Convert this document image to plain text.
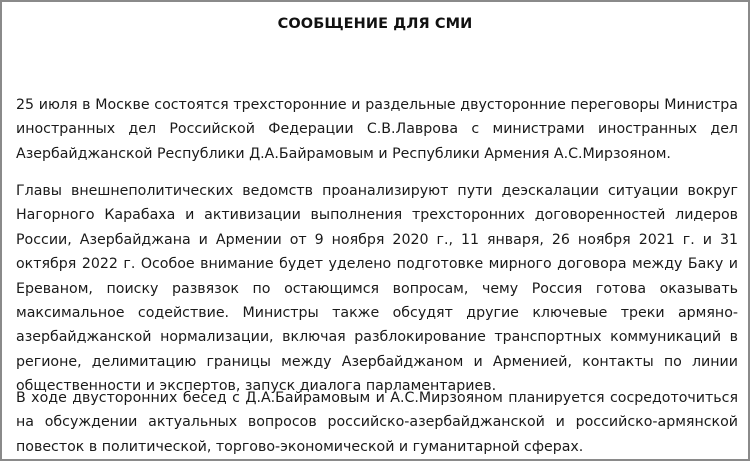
СООБЩЕНИЕ ДЛЯ СМИ

25 июля в Москве состоятся трехсторонние и раздельные двусторонние переговоры Министра иностранных дел Российской Федерации С.В.Лаврова с министрами иностранных дел Азербайджанской Республики Д.А.Байрамовым и Республики Армения А.С.Мирзояном.

Главы внешнеполитических ведомств проанализируют пути деэскалации ситуации вокруг Нагорного Карабаха и активизации выполнения трехсторонних договоренностей лидеров России, Азербайджана и Армении от 9 ноября 2020 г., 11 января, 26 ноября 2021 г. и 31 октября 2022 г. Особое внимание будет уделено подготовке мирного договора между Баку и Ереваном, поиску развязок по остающимся вопросам, чему Россия готова оказывать максимальное содействие. Министры также обсудят другие ключевые треки армяно-азербайджанской нормализации, включая разблокирование транспортных коммуникаций в регионе, делимитацию границы между Азербайджаном и Арменией, контакты по линии общественности и экспертов, запуск диалога парламентариев.

В ходе двусторонних бесед с Д.А.Байрамовым и А.С.Мирзояном планируется сосредоточиться на обсуждении актуальных вопросов российско-азербайджанской и российско-армянской повесток в политической, торгово-экономической и гуманитарной сферах.
